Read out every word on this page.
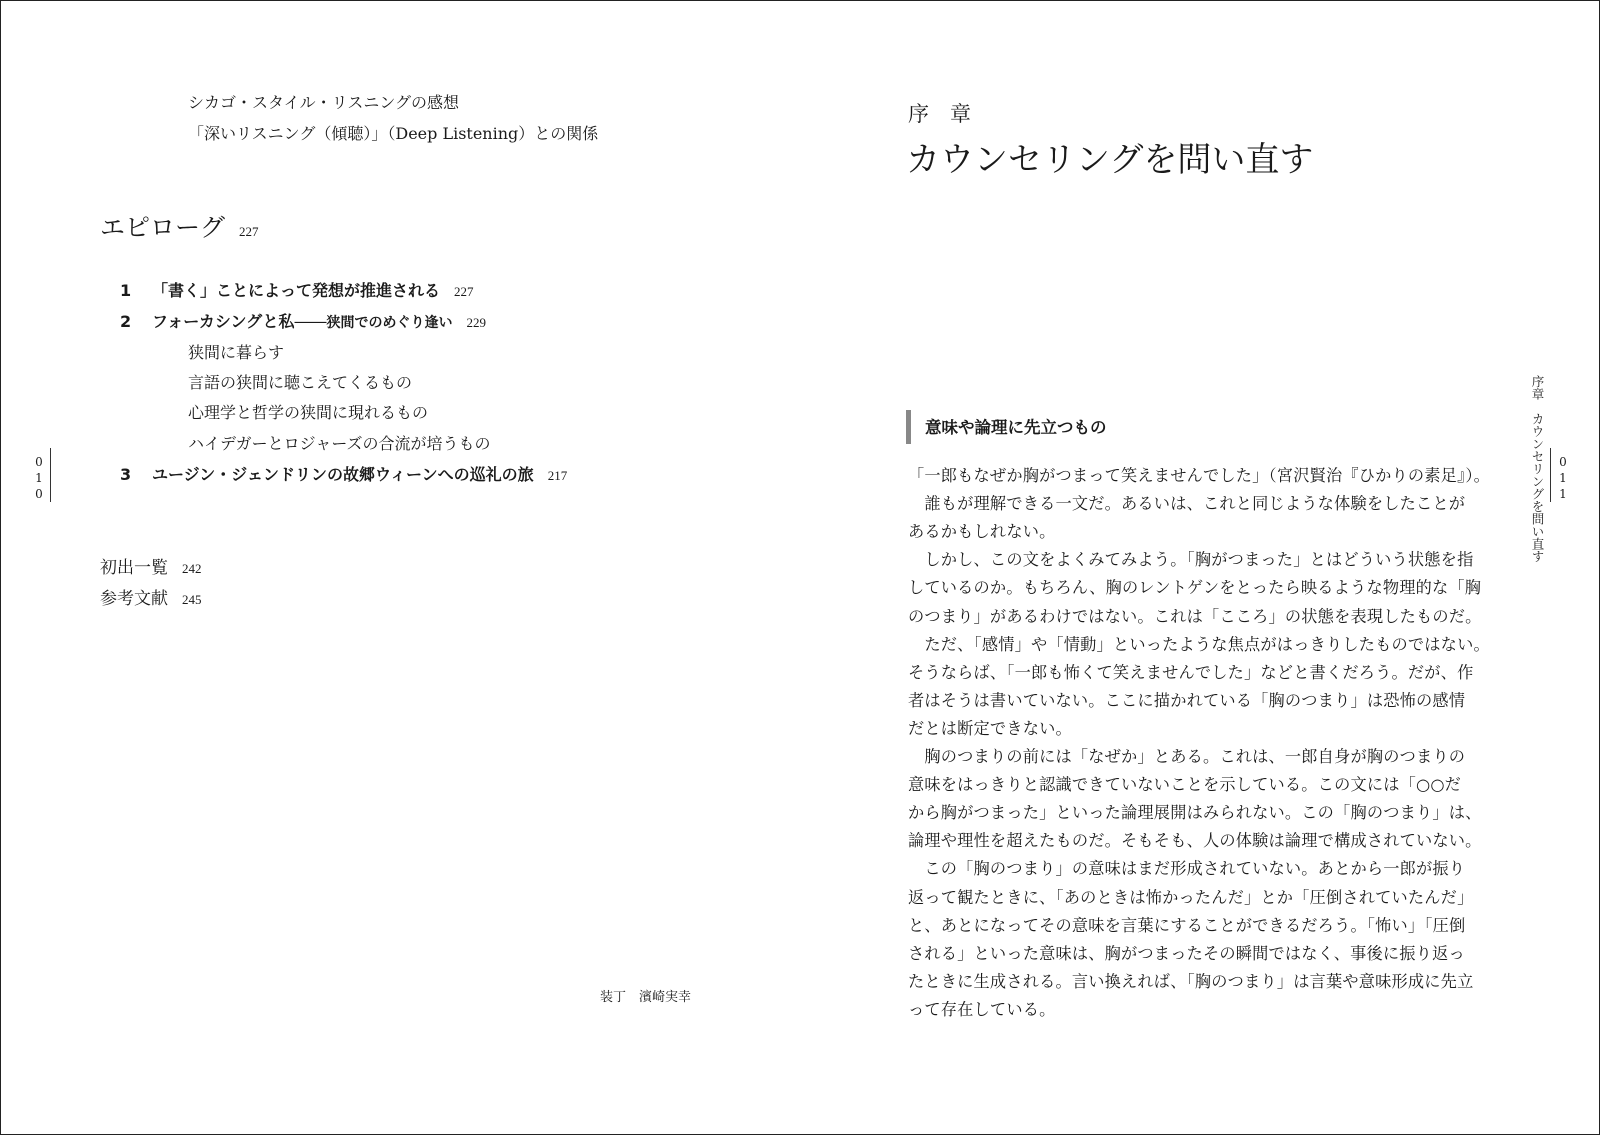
シカゴ・スタイル・リスニングの感想
「深いリスニング（傾聴）」（Deep Listening）との関係
エピローグ 227
1 「書く」ことによって発想が推進される 227
2 フォーカシングと私――狭間でのめぐり逢い 229
狭間に暮らす
言語の狭間に聴こえてくるもの
心理学と哲学の狭間に現れるもの
ハイデガーとロジャーズの合流が培うもの
3 ユージン・ジェンドリンの故郷ウィーンへの巡礼の旅 217
初出一覧 242
参考文献 245
010
装丁　濱崎実幸
序　章
カウンセリングを問い直す
意味や論理に先立つもの
「一郎もなぜか胸がつまって笑えませんでした」（宮沢賢治『ひかりの素足』）。
　誰もが理解できる一文だ。あるいは、これと同じような体験をしたことが
あるかもしれない。
　しかし、この文をよくみてみよう。「胸がつまった」とはどういう状態を指
しているのか。もちろん、胸のレントゲンをとったら映るような物理的な「胸
のつまり」があるわけではない。これは「こころ」の状態を表現したものだ。
　ただ、「感情」や「情動」といったような焦点がはっきりしたものではない。
そうならば、「一郎も怖くて笑えませんでした」などと書くだろう。だが、作
者はそうは書いていない。ここに描かれている「胸のつまり」は恐怖の感情
だとは断定できない。
　胸のつまりの前には「なぜか」とある。これは、一郎自身が胸のつまりの
意味をはっきりと認識できていないことを示している。この文には「○○だ
から胸がつまった」といった論理展開はみられない。この「胸のつまり」は、
論理や理性を超えたものだ。そもそも、人の体験は論理で構成されていない。
　この「胸のつまり」の意味はまだ形成されていない。あとから一郎が振り
返って観たときに、「あのときは怖かったんだ」とか「圧倒されていたんだ」
と、あとになってその意味を言葉にすることができるだろう。「怖い」「圧倒
される」といった意味は、胸がつまったその瞬間ではなく、事後に振り返っ
たときに生成される。言い換えれば、「胸のつまり」は言葉や意味形成に先立
って存在している。
序章　カウンセリングを問い直す 011
